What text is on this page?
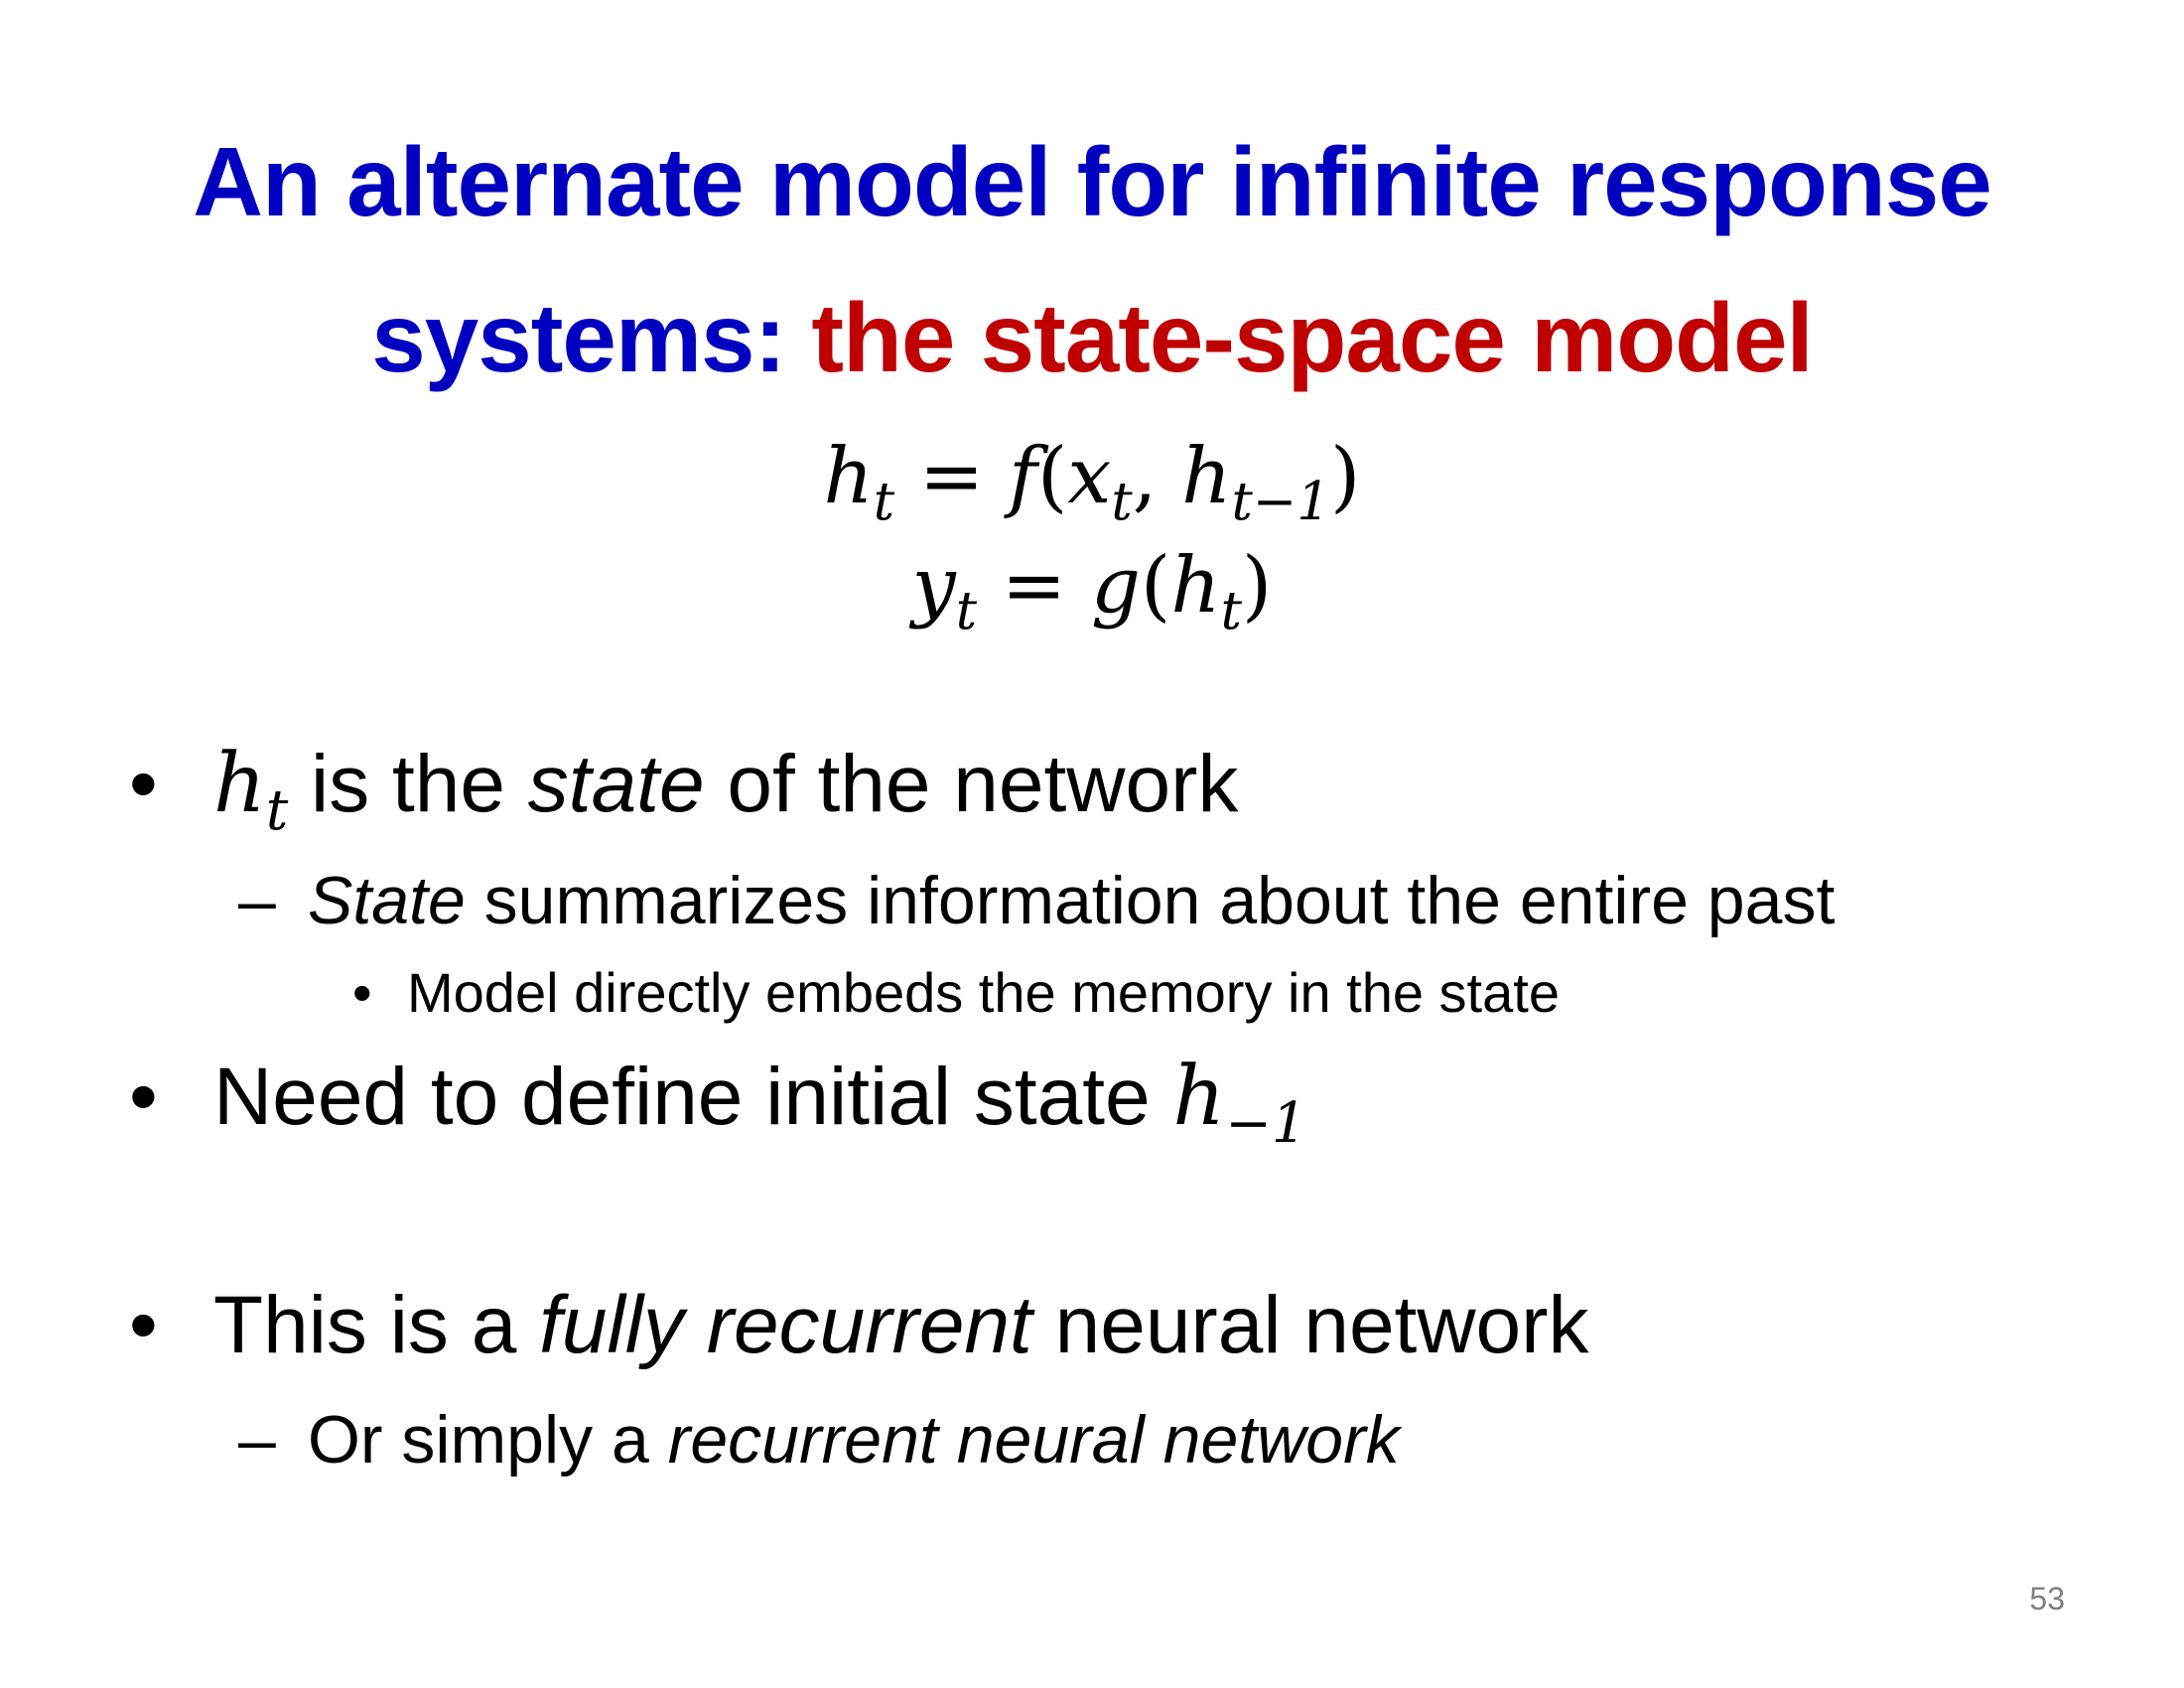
An alternate model for infinite response
systems: the state-space model
$h_t = f(x_t$, $h_{t-1}$)
$y_t = g(h_t)$
• $h_t$ is the state of the network
– State summarizes information about the entire past
• Model directly embeds the memory in the state
• Need to define initial state $h_{-1}$
• This is a fully recurrent neural network
– Or simply a recurrent neural network
53
